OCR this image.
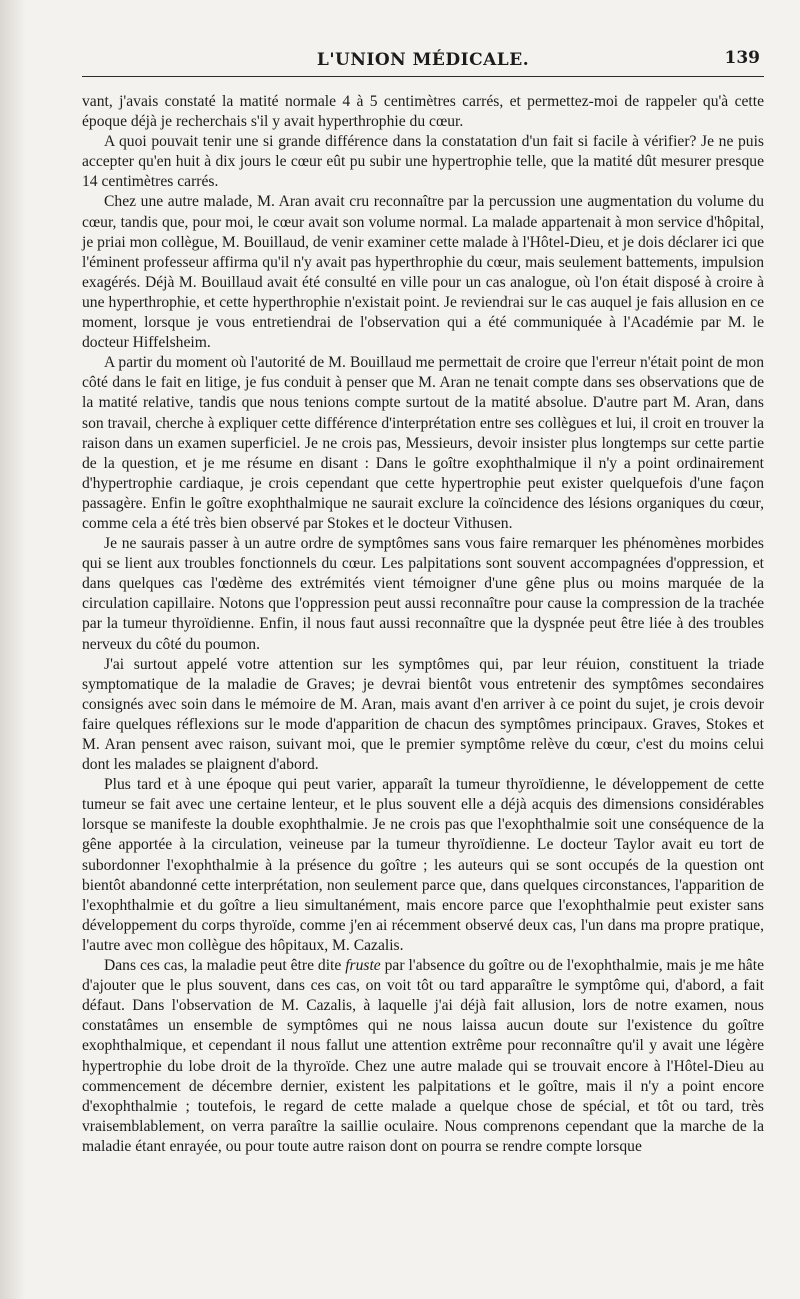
L'UNION MÉDICALE.	139

vant, j'avais constaté la matité normale 4 à 5 centimètres carrés, et permettez-moi de rappeler qu'à cette époque déjà je recherchais s'il y avait hyperthrophie du cœur.

A quoi pouvait tenir une si grande différence dans la constatation d'un fait si facile à vérifier? Je ne puis accepter qu'en huit à dix jours le cœur eût pu subir une hypertrophie telle, que la matité dût mesurer presque 14 centimètres carrés.

Chez une autre malade, M. Aran avait cru reconnaître par la percussion une augmentation du volume du cœur, tandis que, pour moi, le cœur avait son volume normal. La malade appartenait à mon service d'hôpital, je priai mon collègue, M. Bouillaud, de venir examiner cette malade à l'Hôtel-Dieu, et je dois déclarer ici que l'éminent professeur affirma qu'il n'y avait pas hyperthrophie du cœur, mais seulement battements, impulsion exagérés. Déjà M. Bouillaud avait été consulté en ville pour un cas analogue, où l'on était disposé à croire à une hyperthrophie, et cette hyperthrophie n'existait point. Je reviendrai sur le cas auquel je fais allusion en ce moment, lorsque je vous entretiendrai de l'observation qui a été communiquée à l'Académie par M. le docteur Hiffelsheim.

A partir du moment où l'autorité de M. Bouillaud me permettait de croire que l'erreur n'était point de mon côté dans le fait en litige, je fus conduit à penser que M. Aran ne tenait compte dans ses observations que de la matité relative, tandis que nous tenions compte surtout de la matité absolue. D'autre part M. Aran, dans son travail, cherche à expliquer cette différence d'interprétation entre ses collègues et lui, il croit en trouver la raison dans un examen superficiel. Je ne crois pas, Messieurs, devoir insister plus longtemps sur cette partie de la question, et je me résume en disant : Dans le goître exophthalmique il n'y a point ordinairement d'hypertrophie cardiaque, je crois cependant que cette hypertrophie peut exister quelquefois d'une façon passagère. Enfin le goître exophthalmique ne saurait exclure la coïncidence des lésions organiques du cœur, comme cela a été très bien observé par Stokes et le docteur Vithusen.

Je ne saurais passer à un autre ordre de symptômes sans vous faire remarquer les phénomènes morbides qui se lient aux troubles fonctionnels du cœur. Les palpitations sont souvent accompagnées d'oppression, et dans quelques cas l'œdème des extrémités vient témoigner d'une gêne plus ou moins marquée de la circulation capillaire. Notons que l'oppression peut aussi reconnaître pour cause la compression de la trachée par la tumeur thyroïdienne. Enfin, il nous faut aussi reconnaître que la dyspnée peut être liée à des troubles nerveux du côté du poumon.

J'ai surtout appelé votre attention sur les symptômes qui, par leur réuion, constituent la triade symptomatique de la maladie de Graves; je devrai bientôt vous entretenir des symptômes secondaires consignés avec soin dans le mémoire de M. Aran, mais avant d'en arriver à ce point du sujet, je crois devoir faire quelques réflexions sur le mode d'apparition de chacun des symptômes principaux. Graves, Stokes et M. Aran pensent avec raison, suivant moi, que le premier symptôme relève du cœur, c'est du moins celui dont les malades se plaignent d'abord.

Plus tard et à une époque qui peut varier, apparaît la tumeur thyroïdienne, le développement de cette tumeur se fait avec une certaine lenteur, et le plus souvent elle a déjà acquis des dimensions considérables lorsque se manifeste la double exophthalmie. Je ne crois pas que l'exophthalmie soit une conséquence de la gêne apportée à la circulation, veineuse par la tumeur thyroïdienne. Le docteur Taylor avait eu tort de subordonner l'exophthalmie à la présence du goître ; les auteurs qui se sont occupés de la question ont bientôt abandonné cette interprétation, non seulement parce que, dans quelques circonstances, l'apparition de l'exophthalmie et du goître a lieu simultanément, mais encore parce que l'exophthalmie peut exister sans développement du corps thyroïde, comme j'en ai récemment observé deux cas, l'un dans ma propre pratique, l'autre avec mon collègue des hôpitaux, M. Cazalis.

Dans ces cas, la maladie peut être dite fruste par l'absence du goître ou de l'exophthalmie, mais je me hâte d'ajouter que le plus souvent, dans ces cas, on voit tôt ou tard apparaître le symptôme qui, d'abord, a fait défaut. Dans l'observation de M. Cazalis, à laquelle j'ai déjà fait allusion, lors de notre examen, nous constatâmes un ensemble de symptômes qui ne nous laissa aucun doute sur l'existence du goître exophthalmique, et cependant il nous fallut une attention extrême pour reconnaître qu'il y avait une légère hypertrophie du lobe droit de la thyroïde. Chez une autre malade qui se trouvait encore à l'Hôtel-Dieu au commencement de décembre dernier, existent les palpitations et le goître, mais il n'y a point encore d'exophthalmie ; toutefois, le regard de cette malade a quelque chose de spécial, et tôt ou tard, très vraisemblablement, on verra paraître la saillie oculaire. Nous comprenons cependant que la marche de la maladie étant enrayée, ou pour toute autre raison dont on pourra se rendre compte lorsque
